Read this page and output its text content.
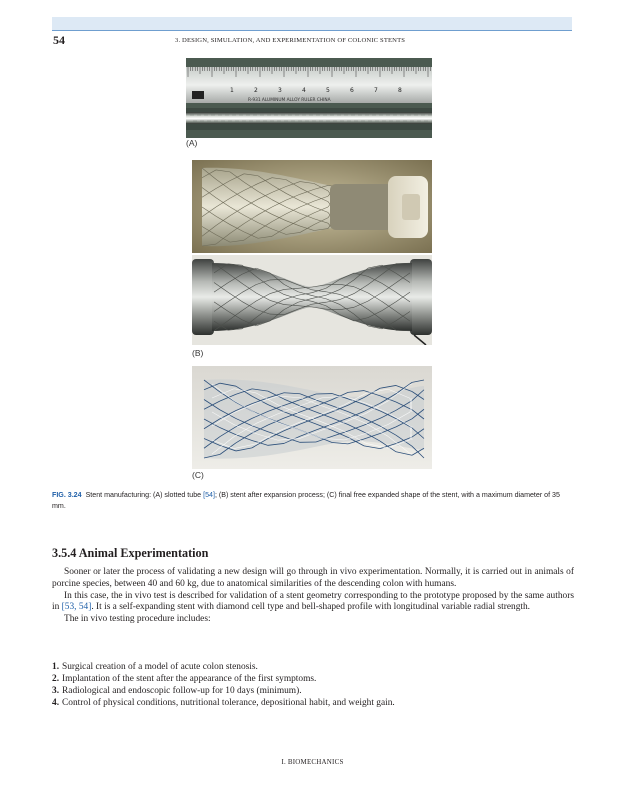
54	3. DESIGN, SIMULATION, AND EXPERIMENTATION OF COLONIC STENTS
1	2	3	4	5	6	7	8
R-931 ALUMINUM ALLOY RULER CHINA
(A)
(B)
(C)
FIG. 3.24 Stent manufacturing: (A) slotted tube [54]; (B) stent after expansion process; (C) final free expanded shape of the stent, with a maximum diameter of 35 mm.
3.5.4 Animal Experimentation

Sooner or later the process of validating a new design will go through in vivo experimentation. Normally, it is carried out in animals of porcine species, between 40 and 60 kg, due to anatomical similarities of the descending colon with humans.

In this case, the in vivo test is described for validation of a stent geometry corresponding to the prototype proposed by the same authors in [53, 54]. It is a self-expanding stent with diamond cell type and bell-shaped profile with longitudinal variable radial strength.

The in vivo testing procedure includes:

1. Surgical creation of a model of acute colon stenosis.
2. Implantation of the stent after the appearance of the first symptoms.
3. Radiological and endoscopic follow-up for 10 days (minimum).
4. Control of physical conditions, nutritional tolerance, depositional habit, and weight gain.
I. BIOMECHANICS
